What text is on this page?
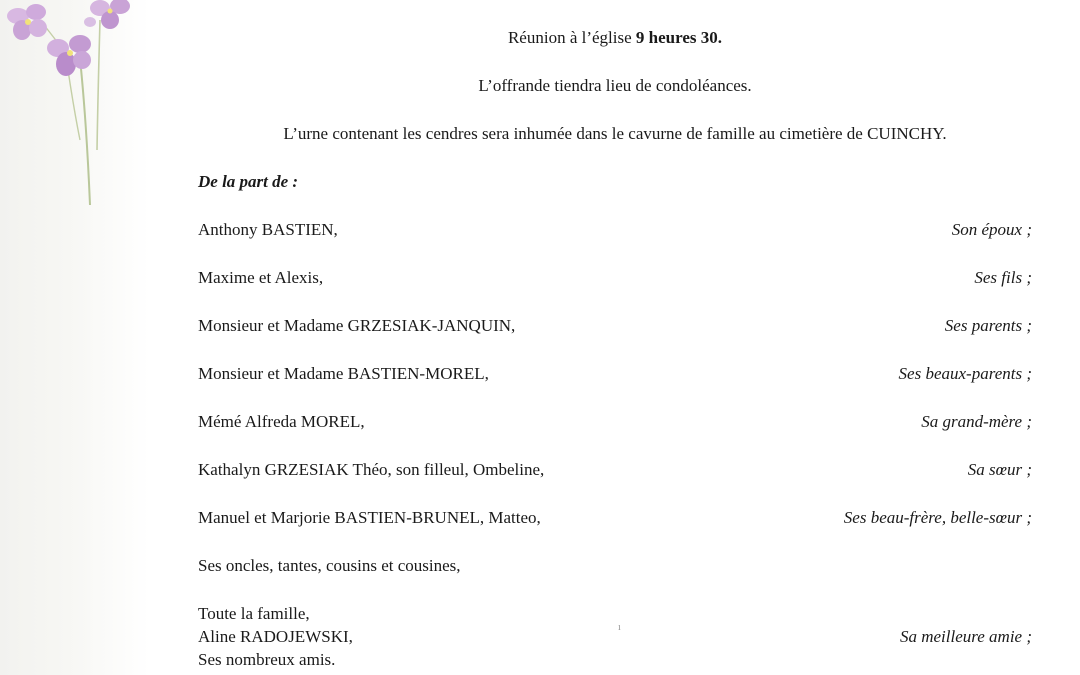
Réunion à l’église 9 heures 30.
L’offrande tiendra lieu de condoléances.
L’urne contenant les cendres sera inhumée dans le cavurne de famille au cimetière de CUINCHY.
De la part de :
Anthony BASTIEN,	Son époux ;
Maxime et Alexis,	Ses fils ;
Monsieur et Madame GRZESIAK-JANQUIN,	Ses parents ;
Monsieur et Madame BASTIEN-MOREL,	Ses beaux-parents ;
Mémé Alfreda MOREL,	Sa grand-mère ;
Kathalyn GRZESIAK Théo, son filleul, Ombeline,	Sa sœur ;
Manuel et Marjorie BASTIEN-BRUNEL, Matteo,	Ses beau-frère, belle-sœur ;
Ses oncles, tantes, cousins et cousines,
Toute la famille,
Aline RADOJEWSKI,	Sa meilleure amie ;
Ses nombreux amis.
ı
